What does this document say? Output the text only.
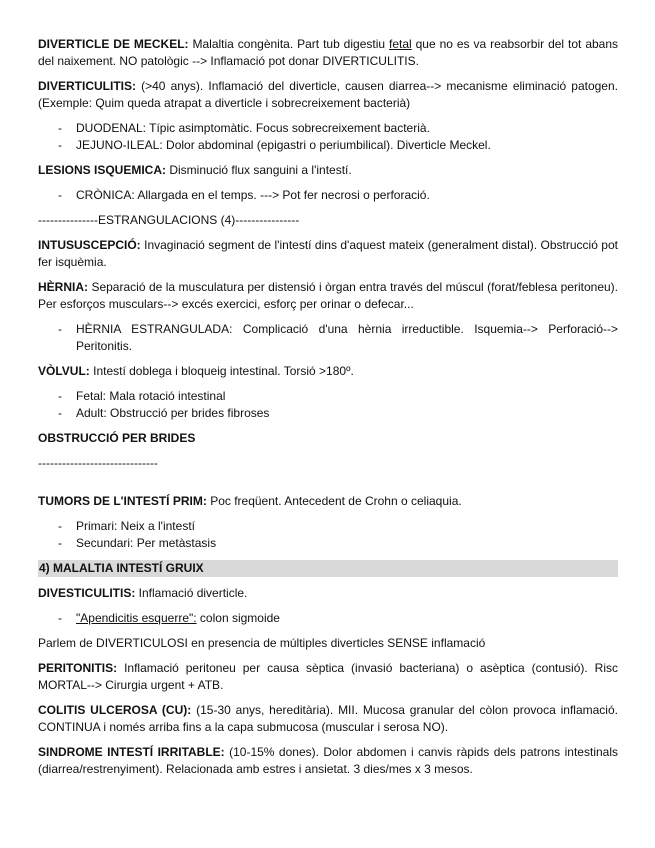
DIVERTICLE DE MECKEL: Malaltia congènita. Part tub digestiu fetal que no es va reabsorbir del tot abans del naixement. NO patològic --> Inflamació pot donar DIVERTICULITIS.

DIVERTICULITIS: (>40 anys). Inflamació del diverticle, causen diarrea--> mecanisme eliminació patogen. (Exemple: Quim queda atrapat a diverticle i sobrecreixement bacterià)

- DUODENAL: Típic asimptomàtic. Focus sobrecreixement bacterià.
- JEJUNO-ILEAL: Dolor abdominal (epigastri o periumbilical). Diverticle Meckel.

LESIONS ISQUEMICA: Disminució flux sanguini a l'intestí.

- CRÒNICA: Allargada en el temps. ---> Pot fer necrosi o perforació.
---------------ESTRANGULACIONS (4)----------------

INTUSUSCEPCIÓ: Invaginació segment de l'intestí dins d'aquest mateix (generalment distal). Obstrucció pot fer isquèmia.

HÈRNIA: Separació de la musculatura per distensió i òrgan entra través del múscul (forat/feblesa peritoneu). Per esforços musculars--> excés exercici, esforç per orinar o defecar...

- HÈRNIA ESTRANGULADA: Complicació d'una hèrnia irreductible. Isquemia--> Perforació--> Peritonitis.

VÒLVUL: Intestí doblega i bloqueig intestinal. Torsió >180º.

- Fetal: Mala rotació intestinal
- Adult: Obstrucció per brides fibroses

OBSTRUCCIÓ PER BRIDES

------------------------------

TUMORS DE L'INTESTÍ PRIM: Poc freqüent. Antecedent de Crohn o celiaquia.

- Primari: Neix a l'intestí
- Secundari: Per metàstasis
4) MALALTIA INTESTÍ GRUIX

DIVESTICULITIS: Inflamació diverticle.

- "Apendicitis esquerre": colon sigmoide

Parlem de DIVERTICULOSI en presencia de múltiples diverticles SENSE inflamació

PERITONITIS: Inflamació peritoneu per causa sèptica (invasió bacteriana) o asèptica (contusió). Risc MORTAL--> Cirurgia urgent + ATB.

COLITIS ULCEROSA (CU): (15-30 anys, hereditària). MII. Mucosa granular del còlon provoca inflamació. CONTINUA i només arriba fins a la capa submucosa (muscular i serosa NO).

SINDROME INTESTÍ IRRITABLE: (10-15% dones). Dolor abdomen i canvis ràpids dels patrons intestinals (diarrea/restrenyiment). Relacionada amb estres i ansietat. 3 dies/mes x 3 mesos.
